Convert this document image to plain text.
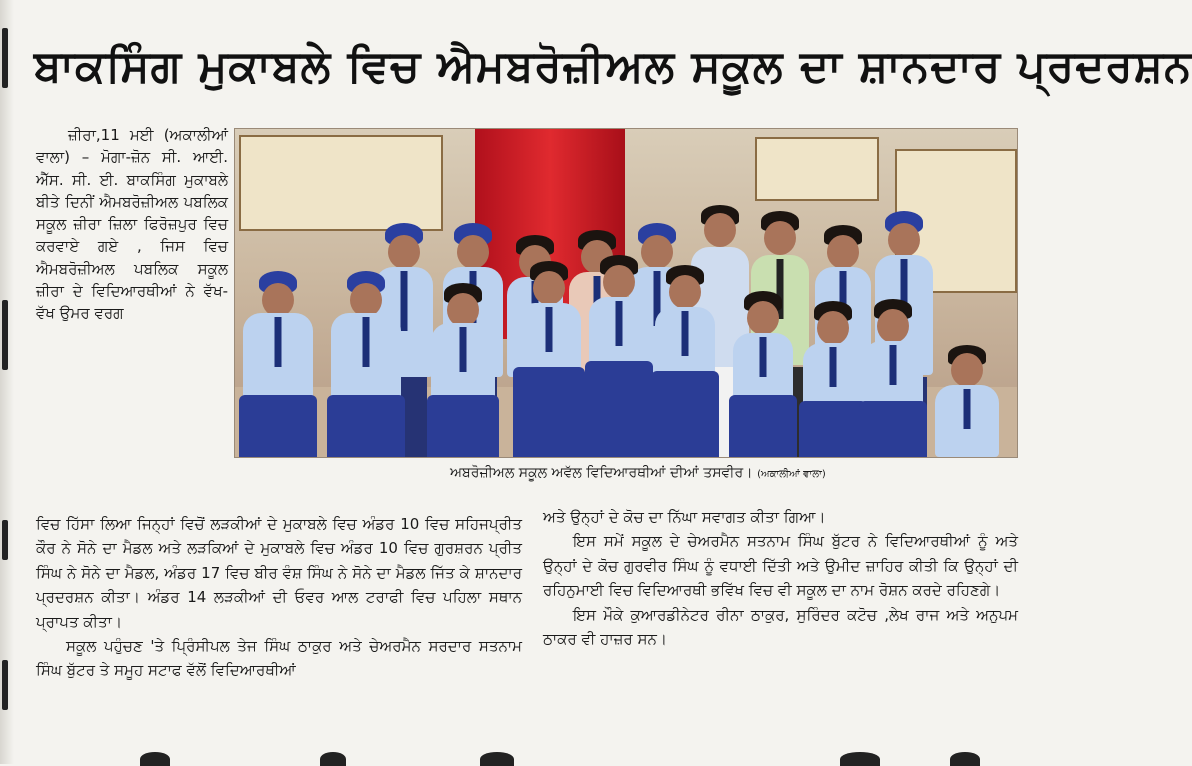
ਬਾਕਸਿੰਗ ਮੁਕਾਬਲੇ ਵਿਚ ਐਮਬਰੋਜ਼ੀਅਲ ਸਕੂਲ ਦਾ ਸ਼ਾਨਦਾਰ ਪ੍ਰਦਰਸ਼ਨ

ਜ਼ੀਰਾ,11 ਮਈ (ਅਕਾਲੀਆਂ ਵਾਲਾ) – ਮੋਗਾ-ਜ਼ੋਨ ਸੀ. ਆਈ. ਐੱਸ. ਸੀ. ਈ. ਬਾਕਸਿੰਗ ਮੁਕਾਬਲੇ ਬੀਤੇ ਦਿਨੀਂ ਐਮਬਰੋਜ਼ੀਅਲ ਪਬਲਿਕ ਸਕੂਲ ਜ਼ੀਰਾ ਜ਼ਿਲਾ ਫਿਰੋਜ਼ਪੁਰ ਵਿਚ ਕਰਵਾਏ ਗਏ , ਜਿਸ ਵਿਚ ਐਮਬਰੋਜ਼ੀਅਲ ਪਬਲਿਕ ਸਕੂਲ ਜ਼ੀਰਾ ਦੇ ਵਿਦਿਆਰਥੀਆਂ ਨੇ ਵੱਖ-ਵੱਖ ਉਮਰ ਵਰਗ

ਅਬਰੋਜ਼ੀਅਲ ਸਕੂਲ ਅਵੱਲ ਵਿਦਿਆਰਥੀਆਂ ਦੀਆਂ ਤਸਵੀਰ। (ਅਕਾਲੀਆਂ ਵਾਲਾ)

ਵਿਚ ਹਿੱਸਾ ਲਿਆ ਜਿਨ੍ਹਾਂ ਵਿਚੋਂ ਲੜਕੀਆਂ ਦੇ ਮੁਕਾਬਲੇ ਵਿਚ ਅੰਡਰ 10 ਵਿਚ ਸਹਿਜਪ੍ਰੀਤ ਕੌਰ ਨੇ ਸੋਨੇ ਦਾ ਮੈਡਲ ਅਤੇ ਲੜਕਿਆਂ ਦੇ ਮੁਕਾਬਲੇ ਵਿਚ ਅੰਡਰ 10 ਵਿਚ ਗੁਰਸ਼ਰਨ ਪ੍ਰੀਤ ਸਿੰਘ ਨੇ ਸੋਨੇ ਦਾ ਮੈਡਲ, ਅੰਡਰ 17 ਵਿਚ ਬੀਰ ਵੰਸ਼ ਸਿੰਘ ਨੇ ਸੋਨੇ ਦਾ ਮੈਡਲ ਜਿੱਤ ਕੇ ਸ਼ਾਨਦਾਰ ਪ੍ਰਦਰਸ਼ਨ ਕੀਤਾ। ਅੰਡਰ 14 ਲੜਕੀਆਂ ਦੀ ਓਵਰ ਆਲ ਟਰਾਫੀ ਵਿਚ ਪਹਿਲਾ ਸਥਾਨ ਪ੍ਰਾਪਤ ਕੀਤਾ।

ਸਕੂਲ ਪਹੁੰਚਣ 'ਤੇ ਪ੍ਰਿੰਸੀਪਲ ਤੇਜ ਸਿੰਘ ਠਾਕੁਰ ਅਤੇ ਚੇਅਰਮੈਨ ਸਰਦਾਰ ਸਤਨਾਮ ਸਿੰਘ ਬੁੱਟਰ ਤੇ ਸਮੂਹ ਸਟਾਫ ਵੱਲੋਂ ਵਿਦਿਆਰਥੀਆਂ

ਅਤੇ ਉਨ੍ਹਾਂ ਦੇ ਕੋਚ ਦਾ ਨਿੱਘਾ ਸਵਾਗਤ ਕੀਤਾ ਗਿਆ।

ਇਸ ਸਮੇਂ ਸਕੂਲ ਦੇ ਚੇਅਰਮੈਨ ਸਤਨਾਮ ਸਿੰਘ ਬੁੱਟਰ ਨੇ ਵਿਦਿਆਰਥੀਆਂ ਨੂੰ ਅਤੇ ਉਨ੍ਹਾਂ ਦੇ ਕੋਚ ਗੁਰਵੀਰ ਸਿੰਘ ਨੂੰ ਵਧਾਈ ਦਿੱਤੀ ਅਤੇ ਉਮੀਦ ਜ਼ਾਹਿਰ ਕੀਤੀ ਕਿ ਉਨ੍ਹਾਂ ਦੀ ਰਹਿਨੁਮਾਈ ਵਿਚ ਵਿਦਿਆਰਥੀ ਭਵਿੱਖ ਵਿਚ ਵੀ ਸਕੂਲ ਦਾ ਨਾਮ ਰੋਸ਼ਨ ਕਰਦੇ ਰਹਿਣਗੇ।

ਇਸ ਮੌਕੇ ਕੁਆਰਡੀਨੇਟਰ ਰੀਨਾ ਠਾਕੁਰ, ਸੁਰਿੰਦਰ ਕਟੋਚ ,ਲੇਖ ਰਾਜ ਅਤੇ ਅਨੁਪਮ ਠਾਕਰ ਵੀ ਹਾਜ਼ਰ ਸਨ।
